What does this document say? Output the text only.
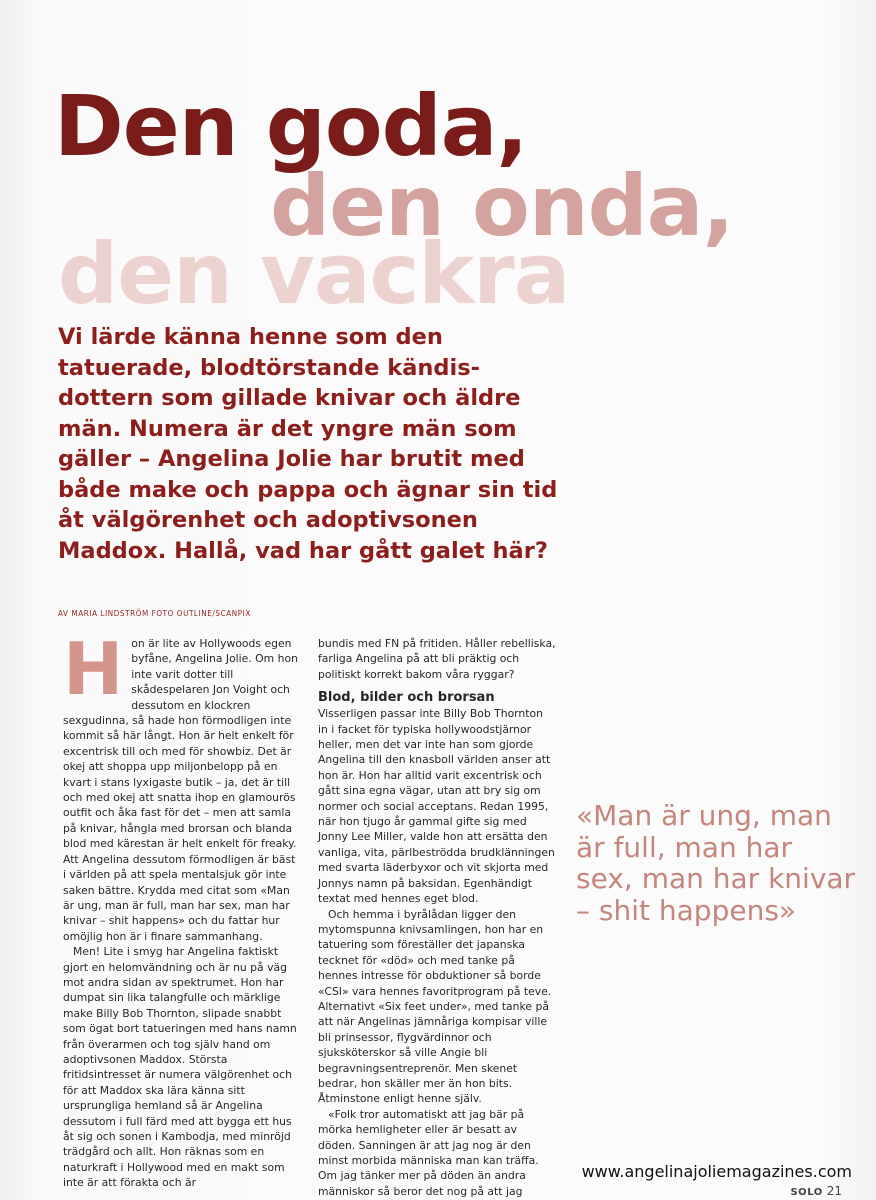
Den goda,
den onda,
den vackra

Vi lärde känna henne som den tatuerade, blodtörstande kändisdottern som gillade knivar och äldre män. Numera är det yngre män som gäller – Angelina Jolie har brutit med både make och pappa och ägnar sin tid åt välgörenhet och adoptivsonen Maddox. Hallå, vad har gått galet här?

AV MARIA LINDSTRÖM FOTO OUTLINE/SCANPIX

Hon är lite av Hollywoods egen byfåne, Angelina Jolie. Om hon inte varit dotter till skådespelaren Jon Voight och dessutom en klockren sexgudinna, så hade hon förmodligen inte kommit så här långt. Hon är helt enkelt för excentrisk till och med för showbiz. Det är okej att shoppa upp miljonbelopp på en kvart i stans lyxigaste butik – ja, det är till och med okej att snatta ihop en glamourös outfit och åka fast för det – men att samla på knivar, hångla med brorsan och blanda blod med kärestan är helt enkelt för freaky. Att Angelina dessutom förmodligen är bäst i världen på att spela mentalsjuk gör inte saken bättre. Krydda med citat som «Man är ung, man är full, man har sex, man har knivar – shit happens» och du fattar hur omöjlig hon är i finare sammanhang.

Men! Lite i smyg har Angelina faktiskt gjort en helomvändning och är nu på väg mot andra sidan av spektrumet. Hon har dumpat sin lika talangfulle och märklige make Billy Bob Thornton, slipade snabbt som ögat bort tatueringen med hans namn från överarmen och tog själv hand om adoptivsonen Maddox. Största fritidsintresset är numera välgörenhet och för att Maddox ska lära känna sitt ursprungliga hemland så är Angelina dessutom i full färd med att bygga ett hus åt sig och sonen i Kambodja, med minröjd trädgård och allt. Hon räknas som en naturkraft i Hollywood med en makt som inte är att förakta och är

bundis med FN på fritiden. Håller rebelliska, farliga Angelina på att bli präktig och politiskt korrekt bakom våra ryggar?

Blod, bilder och brorsan

Visserligen passar inte Billy Bob Thornton in i facket för typiska hollywoodstjärnor heller, men det var inte han som gjorde Angelina till den knasboll världen anser att hon är. Hon har alltid varit excentrisk och gått sina egna vägar, utan att bry sig om normer och social acceptans. Redan 1995, när hon tjugo år gammal gifte sig med Jonny Lee Miller, valde hon att ersätta den vanliga, vita, pärlbeströdda brudklänningen med svarta läderbyxor och vit skjorta med Jonnys namn på baksidan. Egenhändigt textat med hennes eget blod.

Och hemma i byrålådan ligger den mytomspunna knivsamlingen, hon har en tatuering som föreställer det japanska tecknet för «död» och med tanke på hennes intresse för obduktioner så borde «CSI» vara hennes favoritprogram på teve. Alternativt «Six feet under», med tanke på att när Angelinas jämnåriga kompisar ville bli prinsessor, flygvärdinnor och sjuksköterskor så ville Angie bli begravningsentreprenör. Men skenet bedrar, hon skäller mer än hon bits. Åtminstone enligt henne själv.

«Folk tror automatiskt att jag bär på mörka hemligheter eller är besatt av döden. Sanningen är att jag nog är den minst morbida människa man kan träffa. Om jag tänker mer på döden än andra människor så beror det nog på att jag

«Man är ung, man är full, man har sex, man har knivar – shit happens»

www.angelinajoliemagazines.com

SOLO 21
